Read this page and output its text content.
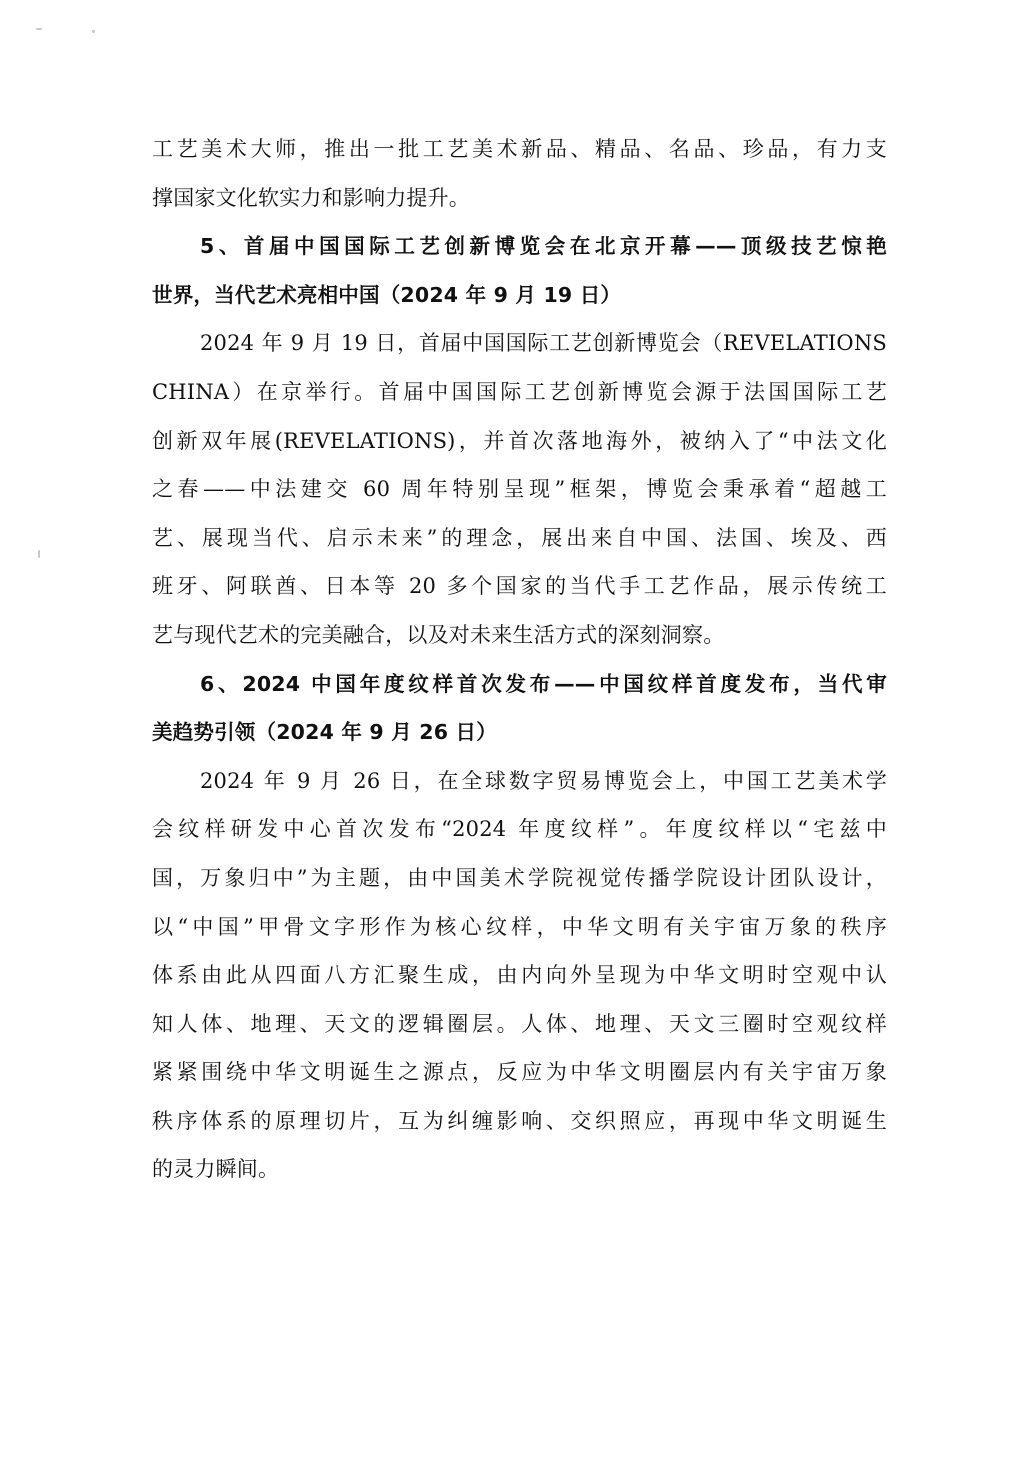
工艺美术大师，推出一批工艺美术新品、精品、名品、珍品，有力支
撑国家文化软实力和影响力提升。
5、首届中国国际工艺创新博览会在北京开幕——顶级技艺惊艳
世界，当代艺术亮相中国（2024 年 9 月 19 日）
2024 年 9 月 19 日，首届中国国际工艺创新博览会（REVELATIONS
CHINA）在京举行。首届中国国际工艺创新博览会源于法国国际工艺
创新双年展(REVELATIONS)，并首次落地海外，被纳入了“中法文化
之春——中法建交 60 周年特别呈现”框架，博览会秉承着“超越工
艺、展现当代、启示未来”的理念，展出来自中国、法国、埃及、西
班牙、阿联酋、日本等 20 多个国家的当代手工艺作品，展示传统工
艺与现代艺术的完美融合，以及对未来生活方式的深刻洞察。
6、2024 中国年度纹样首次发布——中国纹样首度发布，当代审
美趋势引领（2024 年 9 月 26 日）
2024 年 9 月 26 日，在全球数字贸易博览会上，中国工艺美术学
会纹样研发中心首次发布“2024 年度纹样”。年度纹样以“宅兹中
国，万象归中”为主题，由中国美术学院视觉传播学院设计团队设计，
以“中国”甲骨文字形作为核心纹样，中华文明有关宇宙万象的秩序
体系由此从四面八方汇聚生成，由内向外呈现为中华文明时空观中认
知人体、地理、天文的逻辑圈层。人体、地理、天文三圈时空观纹样
紧紧围绕中华文明诞生之源点，反应为中华文明圈层内有关宇宙万象
秩序体系的原理切片，互为纠缠影响、交织照应，再现中华文明诞生
的灵力瞬间。
